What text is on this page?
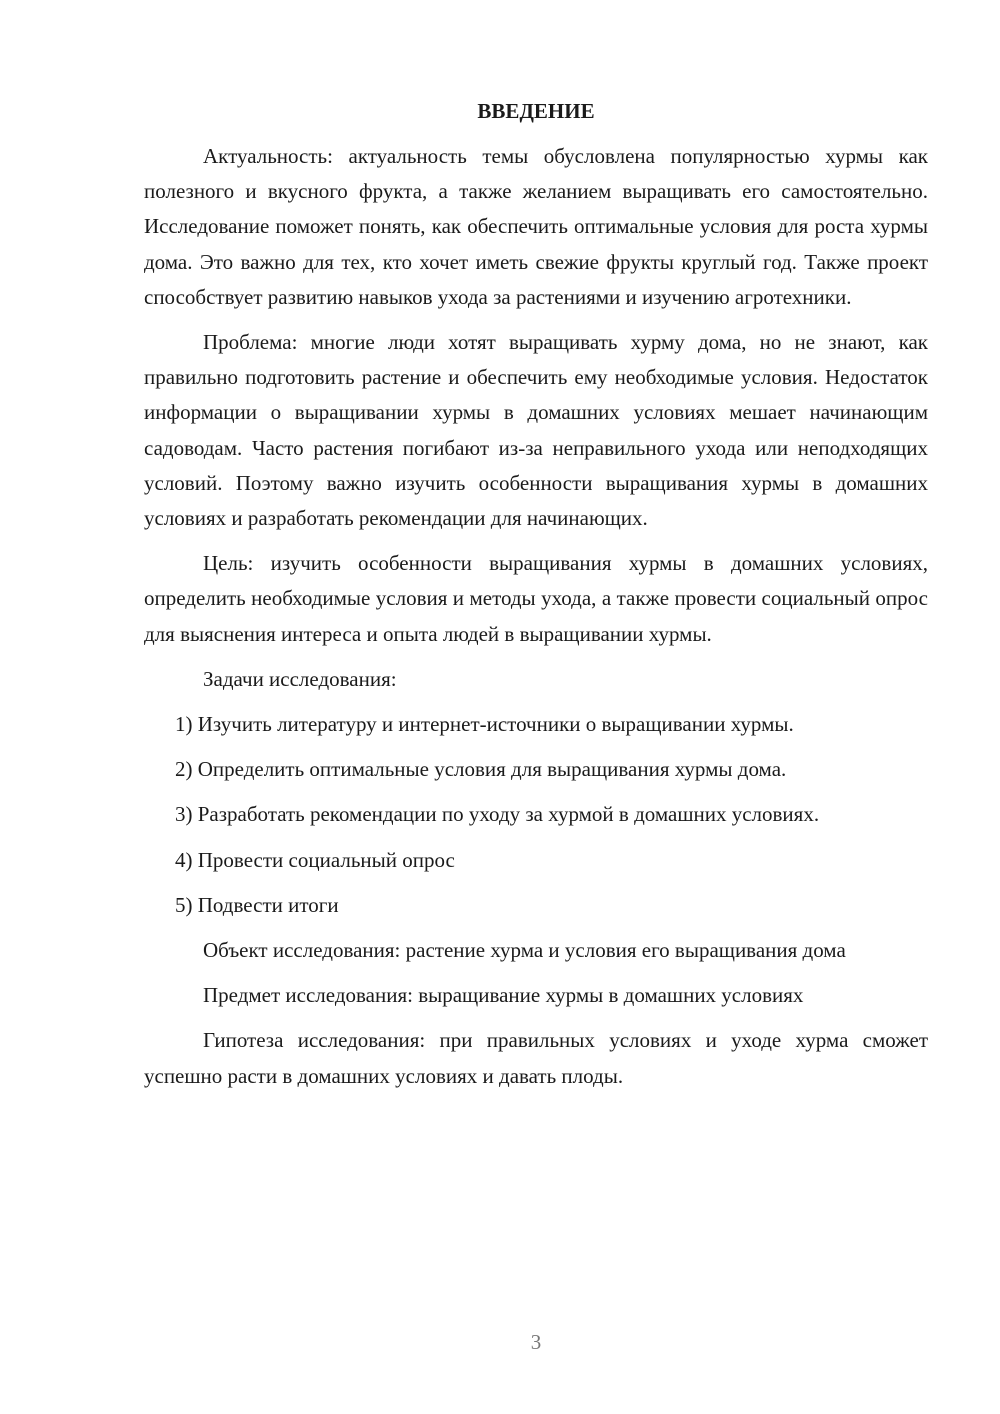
ВВЕДЕНИЕ

Актуальность: актуальность темы обусловлена популярностью хурмы как полезного и вкусного фрукта, а также желанием выращивать его самостоятельно. Исследование поможет понять, как обеспечить оптимальные условия для роста хурмы дома. Это важно для тех, кто хочет иметь свежие фрукты круглый год. Также проект способствует развитию навыков ухода за растениями и изучению агротехники.

Проблема: многие люди хотят выращивать хурму дома, но не знают, как правильно подготовить растение и обеспечить ему необходимые условия. Недостаток информации о выращивании хурмы в домашних условиях мешает начинающим садоводам. Часто растения погибают из-за неправильного ухода или неподходящих условий. Поэтому важно изучить особенности выращивания хурмы в домашних условиях и разработать рекомендации для начинающих.

Цель: изучить особенности выращивания хурмы в домашних условиях, определить необходимые условия и методы ухода, а также провести социальный опрос для выяснения интереса и опыта людей в выращивании хурмы.

Задачи исследования:

1) Изучить литературу и интернет-источники о выращивании хурмы.

2) Определить оптимальные условия для выращивания хурмы дома.

3) Разработать рекомендации по уходу за хурмой в домашних условиях.

4) Провести социальный опрос

5) Подвести итоги

Объект исследования: растение хурма и условия его выращивания дома

Предмет исследования: выращивание хурмы в домашних условиях

Гипотеза исследования: при правильных условиях и уходе хурма сможет успешно расти в домашних условиях и давать плоды.

3
